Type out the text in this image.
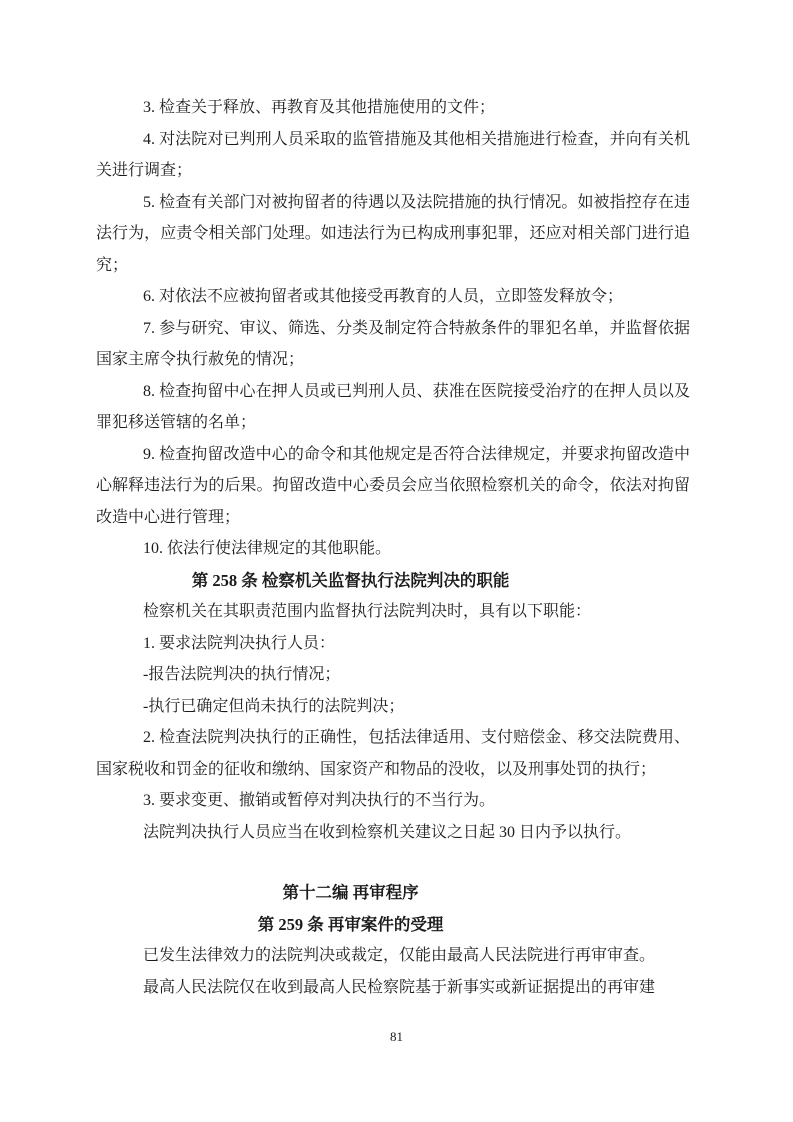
3. 检查关于释放、再教育及其他措施使用的文件；

4. 对法院对已判刑人员采取的监管措施及其他相关措施进行检查，并向有关机关进行调查；

5. 检查有关部门对被拘留者的待遇以及法院措施的执行情况。如被指控存在违法行为，应责令相关部门处理。如违法行为已构成刑事犯罪，还应对相关部门进行追究；

6. 对依法不应被拘留者或其他接受再教育的人员，立即签发释放令；

7. 参与研究、审议、筛选、分类及制定符合特赦条件的罪犯名单，并监督依据国家主席令执行赦免的情况；

8. 检查拘留中心在押人员或已判刑人员、获准在医院接受治疗的在押人员以及罪犯移送管辖的名单；

9. 检查拘留改造中心的命令和其他规定是否符合法律规定，并要求拘留改造中心解释违法行为的后果。拘留改造中心委员会应当依照检察机关的命令，依法对拘留改造中心进行管理；

10. 依法行使法律规定的其他职能。

第 258 条 检察机关监督执行法院判决的职能

检察机关在其职责范围内监督执行法院判决时，具有以下职能：

1. 要求法院判决执行人员：

-报告法院判决的执行情况；

-执行已确定但尚未执行的法院判决；

2. 检查法院判决执行的正确性，包括法律适用、支付赔偿金、移交法院费用、国家税收和罚金的征收和缴纳、国家资产和物品的没收，以及刑事处罚的执行；

3. 要求变更、撤销或暂停对判决执行的不当行为。

法院判决执行人员应当在收到检察机关建议之日起 30 日内予以执行。

第十二编 再审程序
第 259 条 再审案件的受理

已发生法律效力的法院判决或裁定，仅能由最高人民法院进行再审审查。

最高人民法院仅在收到最高人民检察院基于新事实或新证据提出的再审建

81
